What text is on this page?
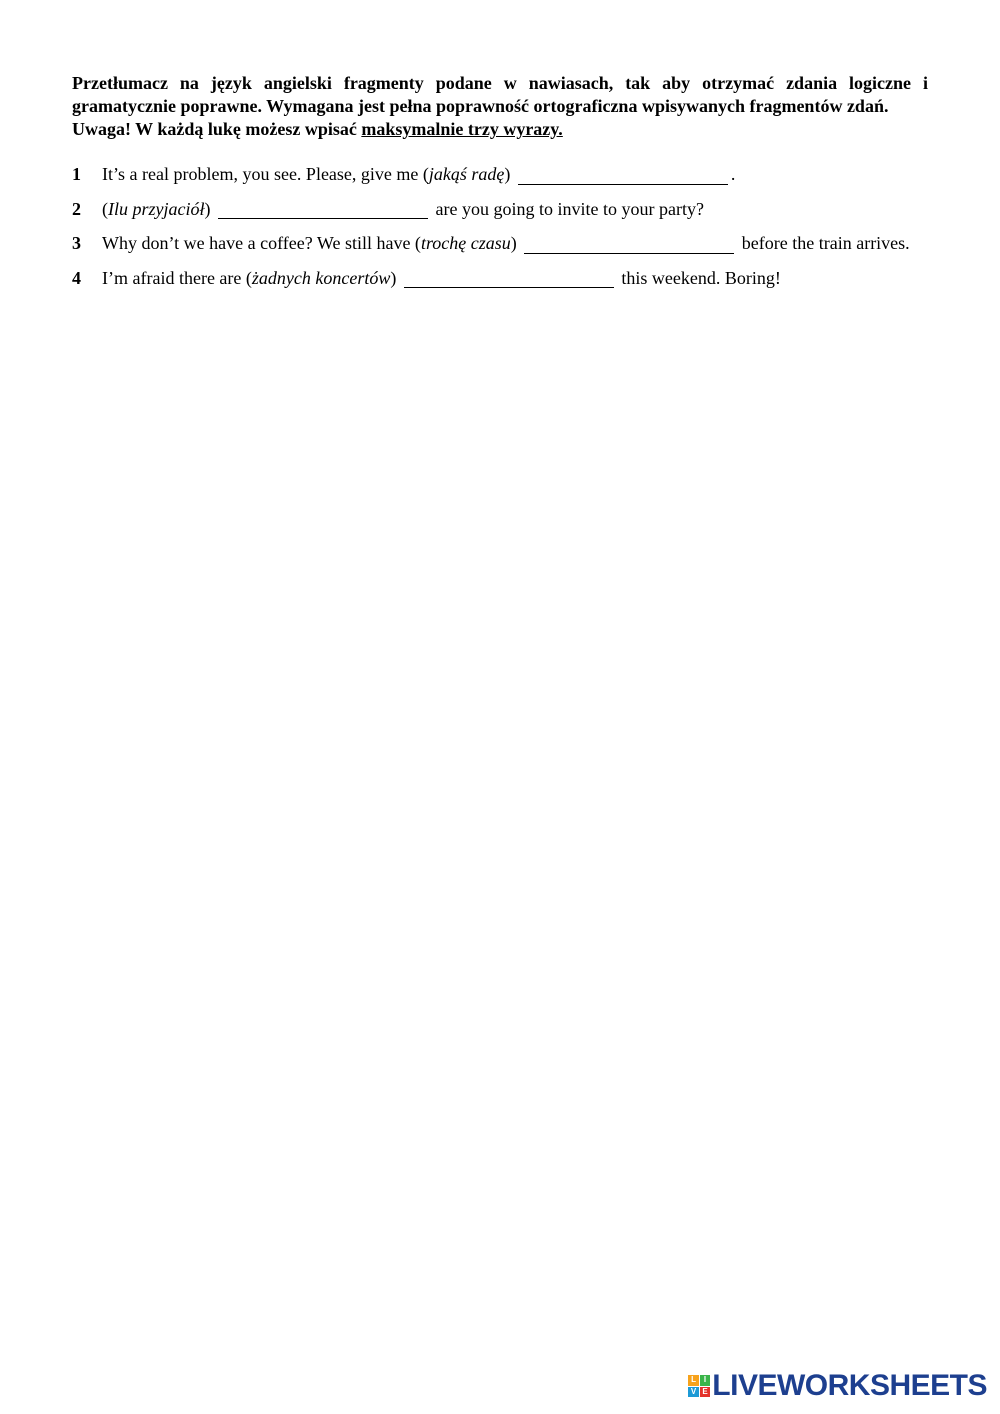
Przetłumacz na język angielski fragmenty podane w nawiasach, tak aby otrzymać zdania logiczne i gramatycznie poprawne. Wymagana jest pełna poprawność ortograficzna wpisywanych fragmentów zdań.
Uwaga! W każdą lukę możesz wpisać maksymalnie trzy wyrazy.
1 It’s a real problem, you see. Please, give me (jakąś radę)	.
2 (Ilu przyjaciół)	are you going to invite to your party?
3 Why don’t we have a coffee? We still have (trochę czasu)	before the train arrives.
4 I’m afraid there are (żadnych koncertów)	this weekend. Boring!
L I
V E LIVEWORKSHEETS
